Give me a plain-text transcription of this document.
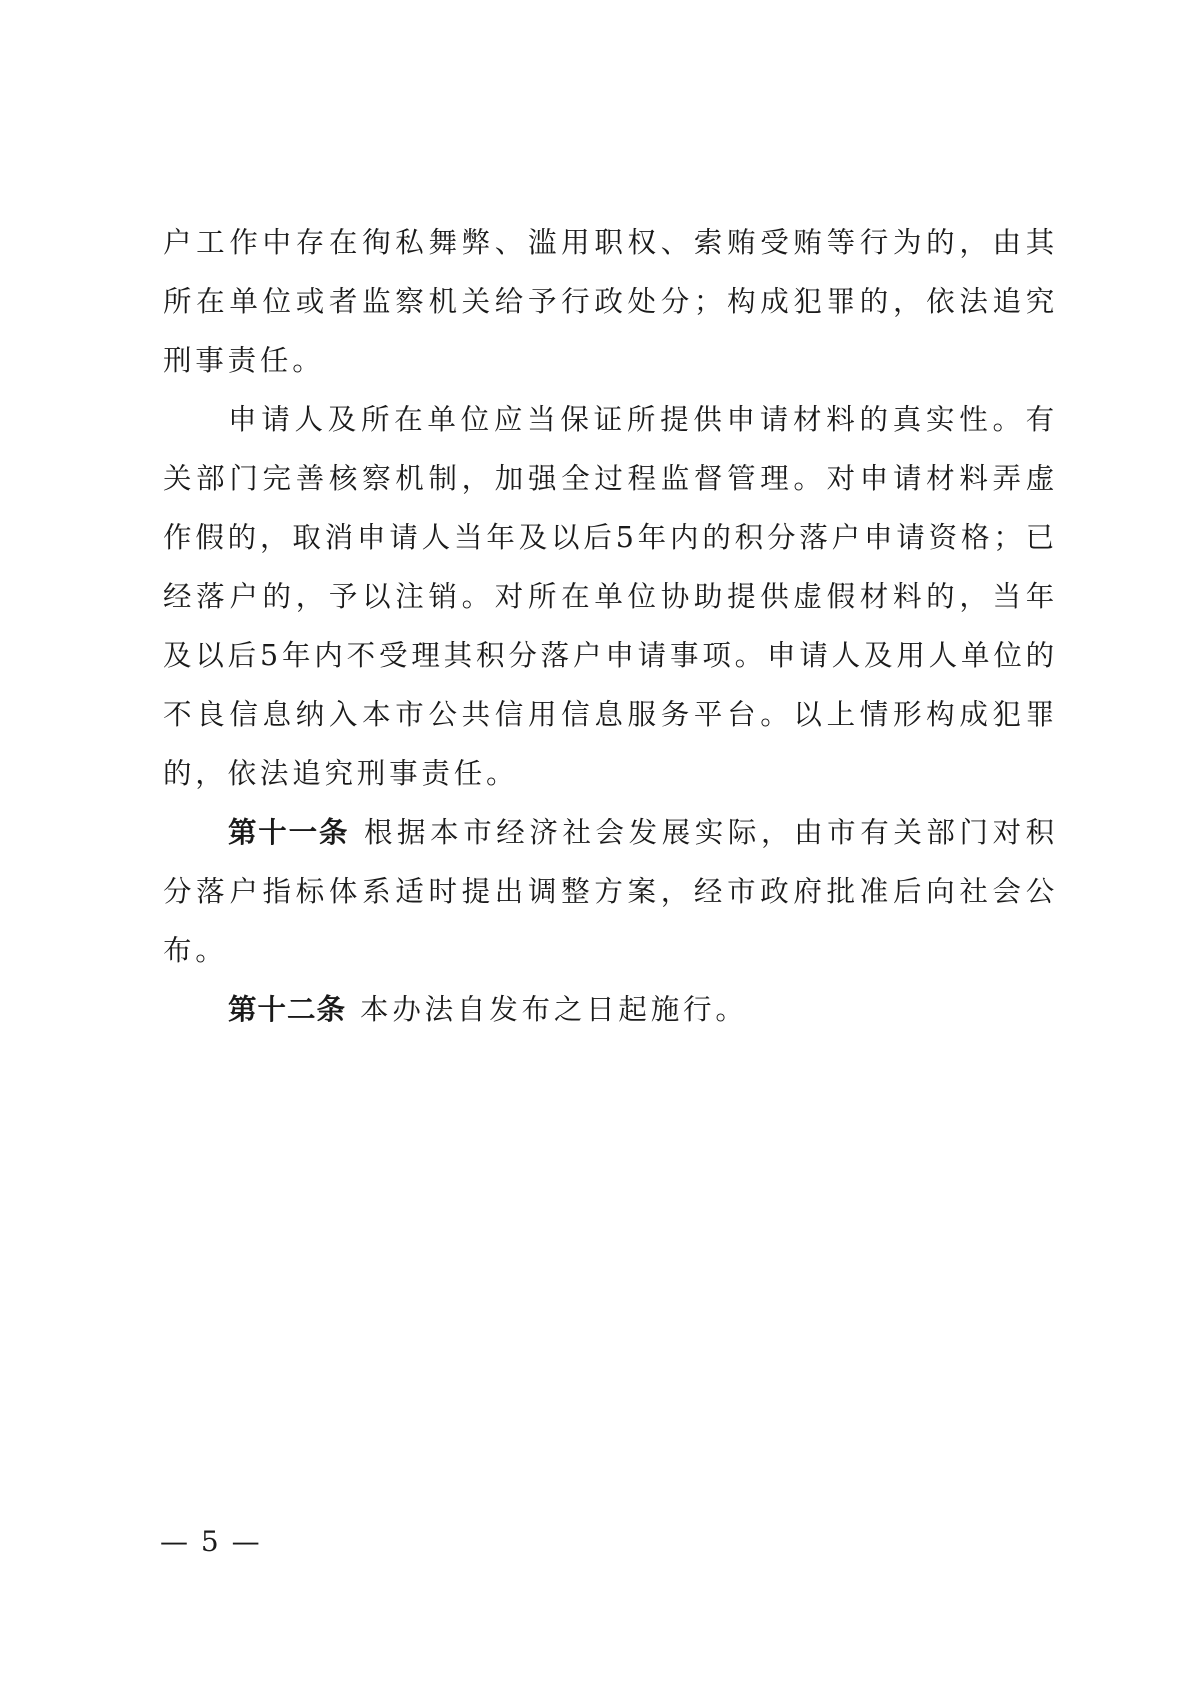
户工作中存在徇私舞弊、滥用职权、索贿受贿等行为的，由其所在单位或者监察机关给予行政处分；构成犯罪的，依法追究刑事责任。

申请人及所在单位应当保证所提供申请材料的真实性。有关部门完善核察机制，加强全过程监督管理。对申请材料弄虚作假的，取消申请人当年及以后5年内的积分落户申请资格；已经落户的，予以注销。对所在单位协助提供虚假材料的，当年及以后5年内不受理其积分落户申请事项。申请人及用人单位的不良信息纳入本市公共信用信息服务平台。以上情形构成犯罪的，依法追究刑事责任。

第十一条 根据本市经济社会发展实际，由市有关部门对积分落户指标体系适时提出调整方案，经市政府批准后向社会公布。

第十二条 本办法自发布之日起施行。

— 5 —
